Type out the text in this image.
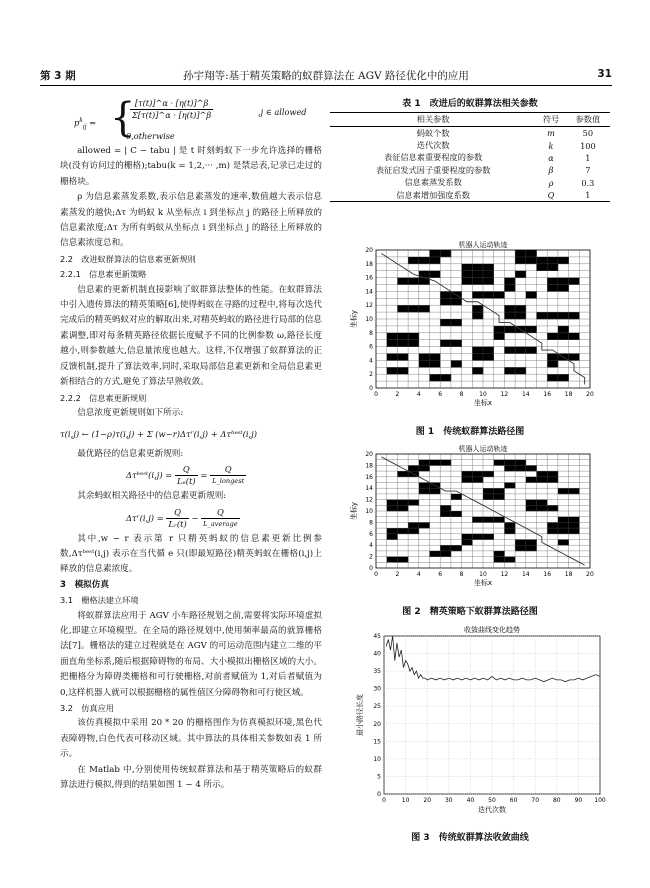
第 3 期	孙宇翔等:基于精英策略的蚁群算法在 AGV 路径优化中的应用	31
$p^k_{ij}$ = {
$\frac{[\tau(t)]\^{}\alpha \cdot [\eta(t)]\^{}\beta}{\Sigma[\tau(t)]\^{}\alpha \cdot [\eta(t)]\^{}\beta}$	,j ∈ allowed
0,otherwise

allowed = | C − tabu | 是 t 时刻蚂蚁下一步允许选择的栅格块(没有访问过的栅格);tabu(k = 1,2,··· ,m) 是禁忌表,记录已走过的栅格块。

ρ 为信息素蒸发系数,表示信息素蒸发的速率,数值越大表示信息素蒸发的越快;Δτ 为蚂蚁 k 从坐标点 i 到坐标点 j 的路径上所释放的信息素浓度;Δτ 为所有蚂蚁从坐标点 i 到坐标点 j 的路径上所释放的信息素浓度总和。

2.2　改进蚁群算法的信息素更新规则
2.2.1　信息素更新策略

信息素的更新机制直接影响了蚁群算法整体的性能。在蚁群算法中引入遗传算法的精英策略[6],使得蚂蚁在寻路的过程中,将每次迭代完成后的精英蚂蚁对应的解取出来,对精英蚂蚁的路径进行局部的信息素调整,即对每条精英路径依据长度赋予不同的比例参数 ω,路径长度越小,则参数越大,信息量浓度也越大。这样,不仅增强了蚁群算法的正反馈机制,提升了算法效率,同时,采取局部信息素更新和全局信息素更新相结合的方式,避免了算法早熟收敛。

2.2.2　信息素更新规则

信息浓度更新规则如下所示:

τ(i,j) ← (1−ρ)τ(i,j) + Σ (w−r)Δτʳ(i,j) + Δτᵇᵉˢᵗ(i,j)

最优路径的信息素更新规则:

Δτᵇᵉˢᵗ(i,j) = $\frac{Q}{\text{Lₑ(t)}} = \frac{Q}{\text{L\_longest}}$

其余蚂蚁相关路径中的信息素更新规则:

Δτʳ(i,j) = $\frac{Q}{\text{Lᵣ(t)}} - \frac{Q}{\text{L\_average}}$

其中,w − r 表示第 r 只精英蚂蚁的信息素更新比例参数,Δτᵇᵉˢᵗ(i,j) 表示在当代循 e 只(即最短路径)精英蚂蚁在栅格(i,j)上释放的信息素浓度。

3　模拟仿真
3.1　栅格法建立环境

将蚁群算法应用于 AGV 小车路径规划之前,需要将实际环境虚拟化,即建立环境模型。在全局的路径规划中,使用频率最高的就算栅格法[7]。栅格法的建立过程就是在 AGV 的可运动范围内建立二维的平面直角坐标系,随后根据障碍物的布局、大小模拟出栅格区域的大小。把栅格分为障碍类栅格和可行驶栅格,对前者赋值为 1,对后者赋值为 0,这样机器人就可以根据栅格的属性值区分障碍物和可行使区域。

3.2　仿真应用

该仿真模拟中采用 20 * 20 的栅格图作为仿真模拟环境,黑色代表障碍物,白色代表可移动区域。其中算法的具体相关参数如表 1 所示。

在 Matlab 中,分别使用传统蚁群算法和基于精英策略后的蚁群算法进行模拟,得到的结果如图 1 − 4 所示。

表 1　改进后的蚁群算法相关参数
相关参数	符号	参数值
蚂蚁个数	m	50
迭代次数	k	100
表征信息素重要程度的参数	α	1
表征启发式因子重要程度的参数	β	7
信息素蒸发系数	ρ	0.3
信息素增加强度系数	Q	1
0	2	4	6	8	10 12 14 16 18 20
0
2
4
6
8
10
12
14
16
18
20
机器人运动轨迹
坐标x
坐标y
图 1　传统蚁群算法路径图
0	2	4	6	8	10 12 14 16 18 20
0
2
4
6
8
10
12
14
16
18
20
机器人运动轨迹
坐标x
坐标y
图 2　精英策略下蚁群算法路径图
0	10 20 30 40 50 60 70 80 90 100
0
5
10
15
20
25
30
35
40
45
收敛曲线变化趋势
迭代次数
最小路径长度
图 3　传统蚁群算法收敛曲线
